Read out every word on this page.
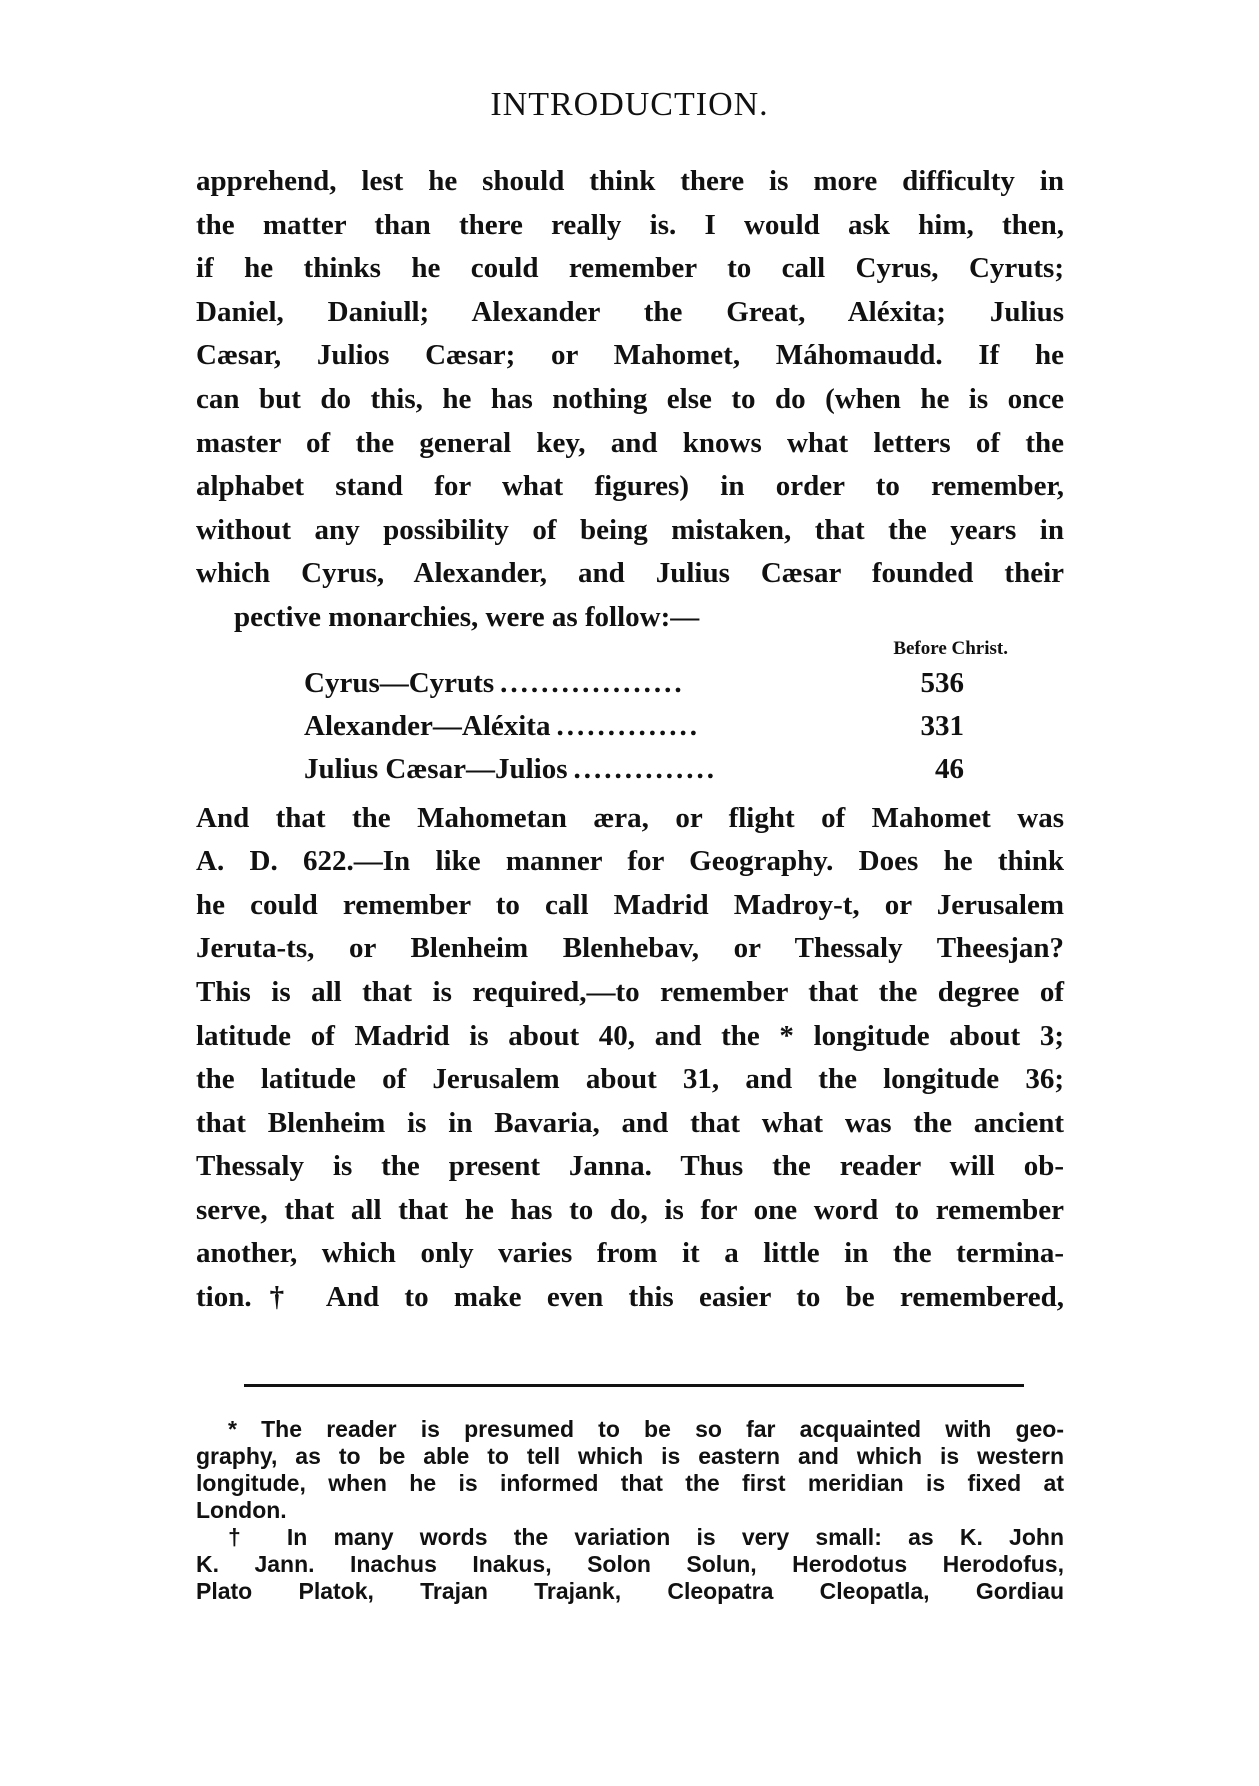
INTRODUCTION.
apprehend, lest he should think there is more difficulty in
the matter than there really is. I would ask him, then,
if he thinks he could remember to call Cyrus, Cyruts;
Daniel, Daniull; Alexander the Great, Aléxita; Julius
Cæsar, Julios Cæsar; or Mahomet, Máhomaudd. If he
can but do this, he has nothing else to do (when he is once
master of the general key, and knows what letters of the
alphabet stand for what figures) in order to remember,
without any possibility of being mistaken, that the years in
which Cyrus, Alexander, and Julius Cæsar founded their
pective monarchies, were as follow:—
Before Christ.
Cyrus—Cyruts ..................	536
Alexander—Aléxita ..............	331
Julius Cæsar—Julios ..............	46
And that the Mahometan æra, or flight of Mahomet was
A. D. 622.—In like manner for Geography. Does he think
he could remember to call Madrid Madroy-t, or Jerusalem
Jeruta-ts, or Blenheim Blenhebav, or Thessaly Theesjan?
This is all that is required,—to remember that the degree of
latitude of Madrid is about 40, and the * longitude about 3;
the latitude of Jerusalem about 31, and the longitude 36;
that Blenheim is in Bavaria, and that what was the ancient
Thessaly is the present Janna. Thus the reader will ob-
serve, that all that he has to do, is for one word to remember
another, which only varies from it a little in the termina-
tion.† And to make even this easier to be remembered,
* The reader is presumed to be so far acquainted with geo-
graphy, as to be able to tell which is eastern and which is western
longitude, when he is informed that the first meridian is fixed at
London.
† In many words the variation is very small: as K. John
K. Jann. Inachus Inakus, Solon Solun, Herodotus Herodofus,
Plato Platok, Trajan Trajank, Cleopatra Cleopatla, Gordiau
